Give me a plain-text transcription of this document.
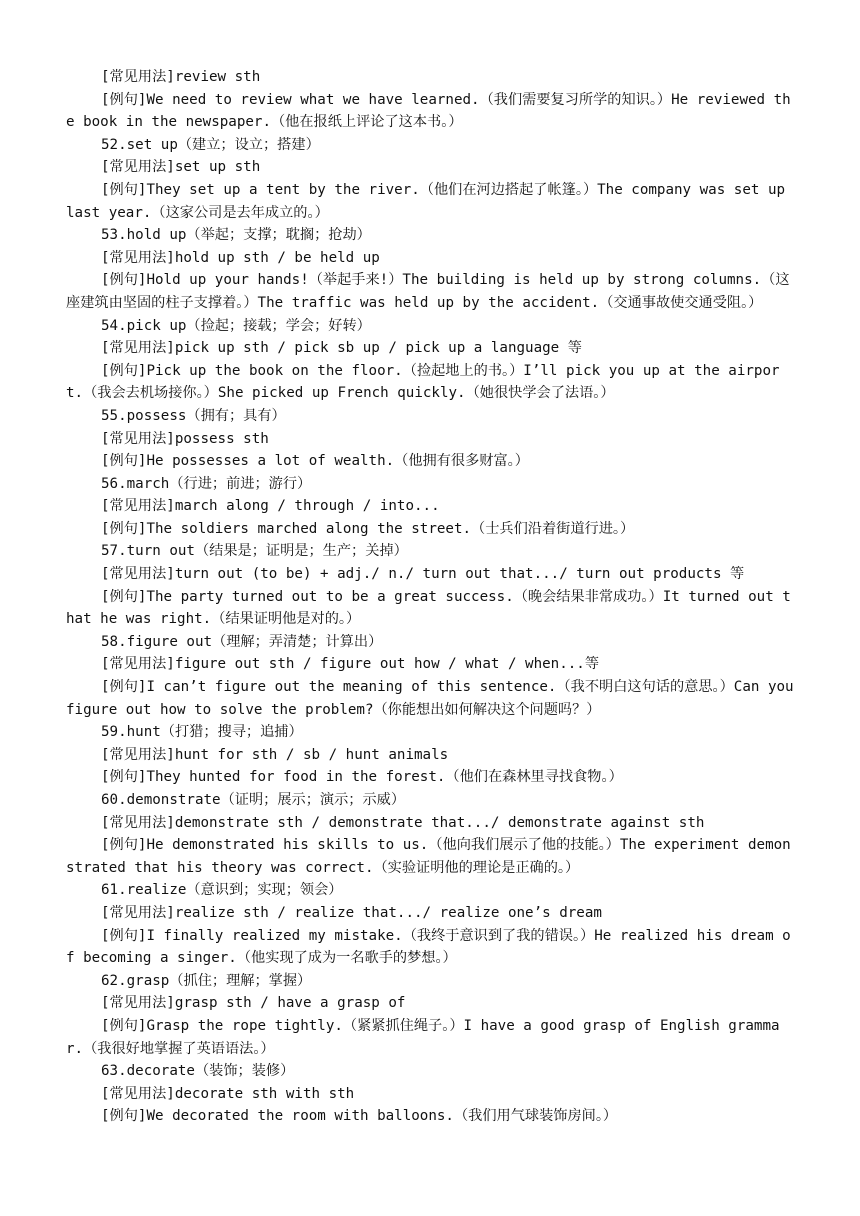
[常见用法]review sth

[例句]We need to review what we have learned.（我们需要复习所学的知识。）He reviewed the book in the newspaper.（他在报纸上评论了这本书。）

52.set up（建立；设立；搭建）

[常见用法]set up sth

[例句]They set up a tent by the river.（他们在河边搭起了帐篷。）The company was set up last year.（这家公司是去年成立的。）

53.hold up（举起；支撑；耽搁；抢劫）

[常见用法]hold up sth / be held up

[例句]Hold up your hands!（举起手来!）The building is held up by strong columns.（这座建筑由坚固的柱子支撑着。）The traffic was held up by the accident.（交通事故使交通受阻。）

54.pick up（捡起；接载；学会；好转）

[常见用法]pick up sth / pick sb up / pick up a language 等

[例句]Pick up the book on the floor.（捡起地上的书。）I’ll pick you up at the airport.（我会去机场接你。）She picked up French quickly.（她很快学会了法语。）

55.possess（拥有；具有）

[常见用法]possess sth

[例句]He possesses a lot of wealth.（他拥有很多财富。）

56.march（行进；前进；游行）

[常见用法]march along / through / into...

[例句]The soldiers marched along the street.（士兵们沿着街道行进。）

57.turn out（结果是；证明是；生产；关掉）

[常见用法]turn out (to be) + adj./ n./ turn out that.../ turn out products 等

[例句]The party turned out to be a great success.（晚会结果非常成功。）It turned out that he was right.（结果证明他是对的。）

58.figure out（理解；弄清楚；计算出）

[常见用法]figure out sth / figure out how / what / when...等

[例句]I can’t figure out the meaning of this sentence.（我不明白这句话的意思。）Can you figure out how to solve the problem?（你能想出如何解决这个问题吗？）

59.hunt（打猎；搜寻；追捕）

[常见用法]hunt for sth / sb / hunt animals

[例句]They hunted for food in the forest.（他们在森林里寻找食物。）

60.demonstrate（证明；展示；演示；示威）

[常见用法]demonstrate sth / demonstrate that.../ demonstrate against sth

[例句]He demonstrated his skills to us.（他向我们展示了他的技能。）The experiment demonstrated that his theory was correct.（实验证明他的理论是正确的。）

61.realize（意识到；实现；领会）

[常见用法]realize sth / realize that.../ realize one’s dream

[例句]I finally realized my mistake.（我终于意识到了我的错误。）He realized his dream of becoming a singer.（他实现了成为一名歌手的梦想。）

62.grasp（抓住；理解；掌握）

[常见用法]grasp sth / have a grasp of

[例句]Grasp the rope tightly.（紧紧抓住绳子。）I have a good grasp of English grammar.（我很好地掌握了英语语法。）

63.decorate（装饰；装修）

[常见用法]decorate sth with sth

[例句]We decorated the room with balloons.（我们用气球装饰房间。）
